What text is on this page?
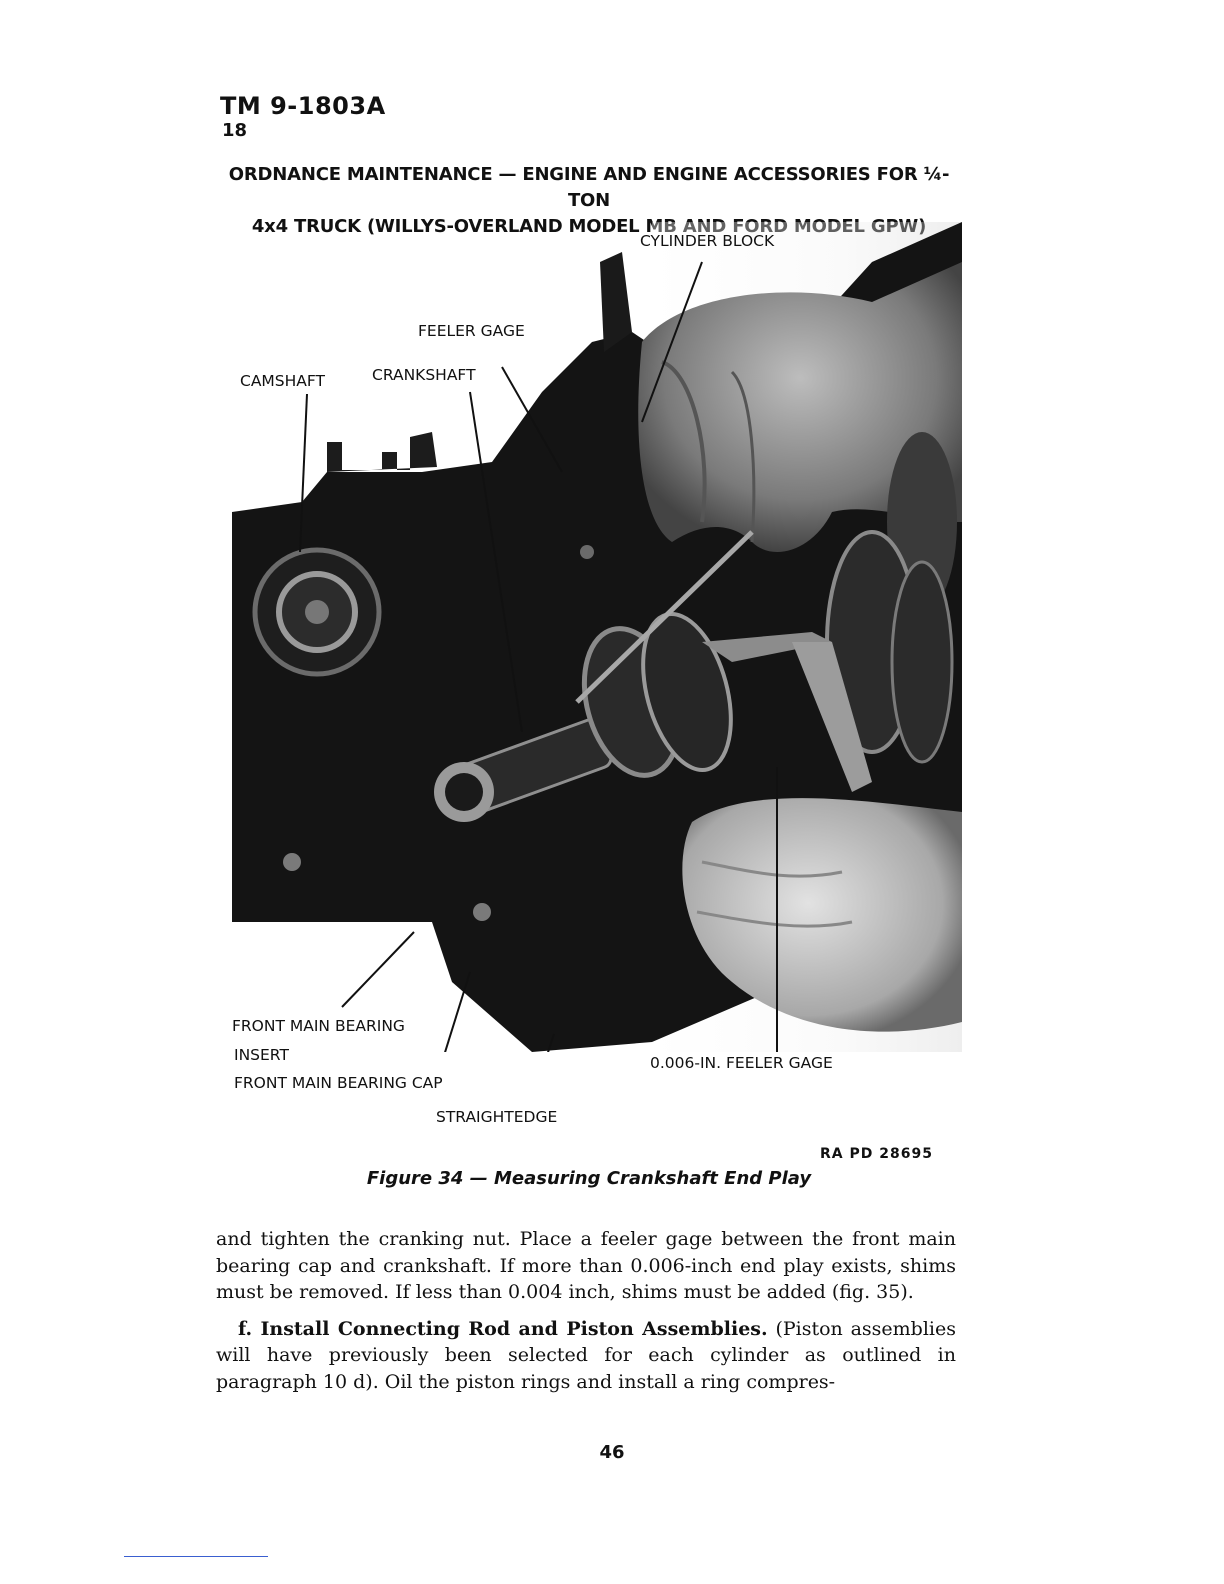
TM 9-1803A
18
ORDNANCE MAINTENANCE — ENGINE AND ENGINE ACCESSORIES FOR ¼-TON
4x4 TRUCK (WILLYS-OVERLAND MODEL MB AND FORD MODEL GPW)
CYLINDER BLOCK
FEELER GAGE
CAMSHAFT	CRANKSHAFT
FRONT MAIN BEARING
INSERT
FRONT MAIN BEARING CAP
STRAIGHTEDGE
0.006-IN. FEELER GAGE
RA PD 28695
Figure 34 — Measuring Crankshaft End Play

and tighten the cranking nut. Place a feeler gage between the front main bearing cap and crankshaft. If more than 0.006-inch end play exists, shims must be removed. If less than 0.004 inch, shims must be added (fig. 35).

f. Install Connecting Rod and Piston Assemblies. (Piston assemblies will have previously been selected for each cylinder as outlined in paragraph 10 d). Oil the piston rings and install a ring compres-

46
